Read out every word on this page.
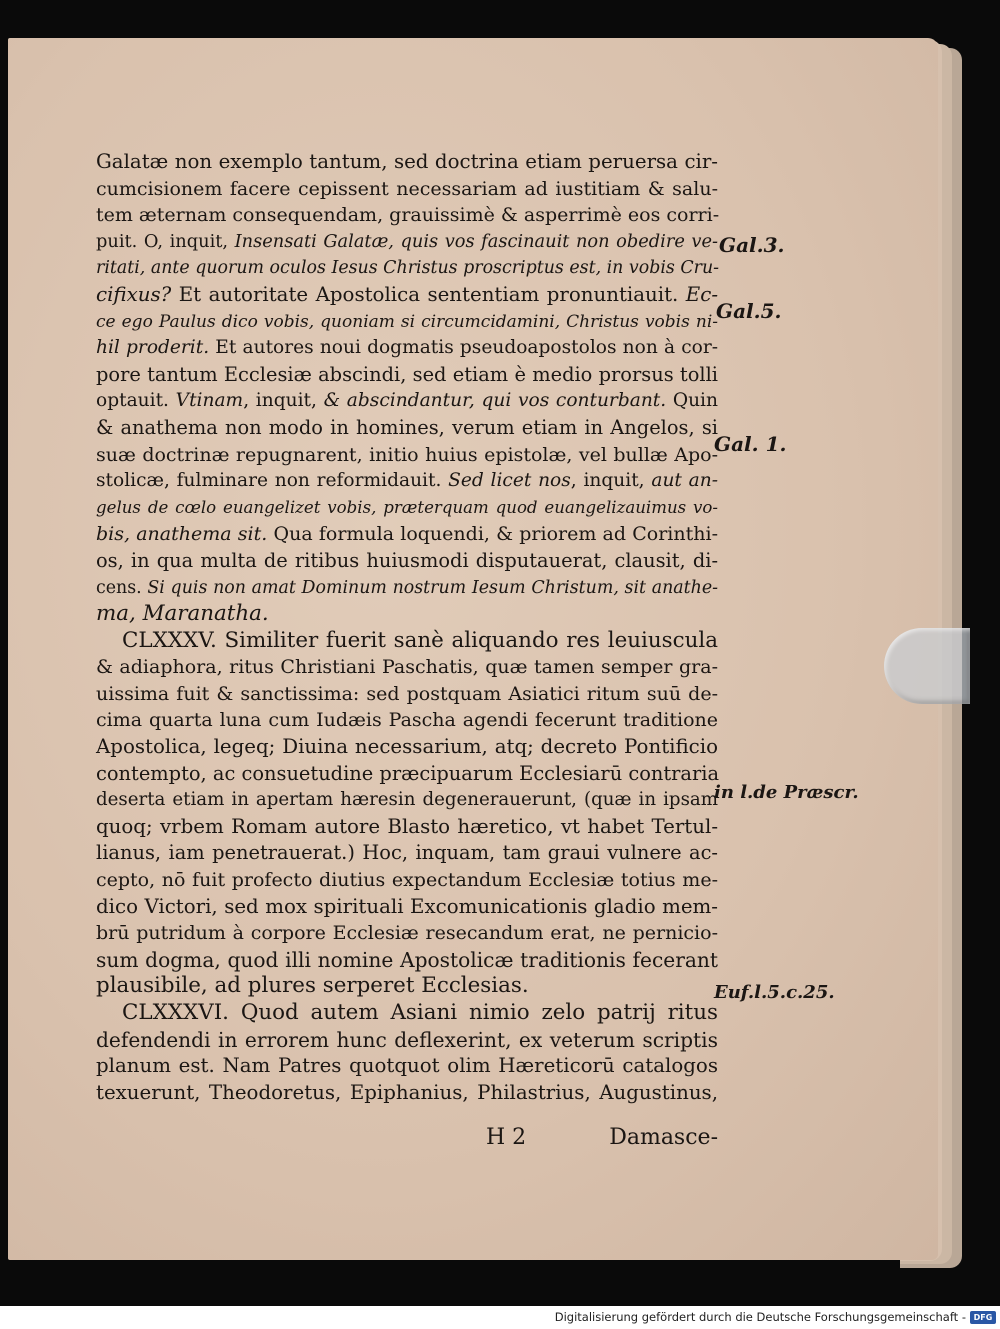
Galatæ non exemplo tantum, sed doctrina etiam peruersa cir-
cumcisionem facere cepissent necessariam ad iustitiam & salu-
tem æternam consequendam, grauissimè & asperrimè eos corri-
puit. O, inquit, Insensati Galatæ, quis vos fascinauit non obedire ve-
ritati, ante quorum oculos Iesus Christus proscriptus est, in vobis Cru-
cifixus? Et autoritate Apostolica sententiam pronuntiauit. Ec-
ce ego Paulus dico vobis, quoniam si circumcidamini, Christus vobis ni-
hil proderit. Et autores noui dogmatis pseudoapostolos non à cor-
pore tantum Ecclesiæ abscindi, sed etiam è medio prorsus tolli
optauit. Vtinam, inquit, & abscindantur, qui vos conturbant. Quin
& anathema non modo in homines, verum etiam in Angelos, si
suæ doctrinæ repugnarent, initio huius epistolæ, vel bullæ Apo-
stolicæ, fulminare non reformidauit. Sed licet nos, inquit, aut an-
gelus de cœlo euangelizet vobis, præterquam quod euangelizauimus vo-
bis, anathema sit. Qua formula loquendi, & priorem ad Corinthi-
os, in qua multa de ritibus huiusmodi disputauerat, clausit, di-
cens. Si quis non amat Dominum nostrum Iesum Christum, sit anathe-
ma, Maranatha.
CLXXXV. Similiter fuerit sanè aliquando res leuiuscula
& adiaphora, ritus Christiani Paschatis, quæ tamen semper gra-
uissima fuit & sanctissima: sed postquam Asiatici ritum suū de-
cima quarta luna cum Iudæis Pascha agendi fecerunt traditione
Apostolica, legeq; Diuina necessarium, atq; decreto Pontificio
contempto, ac consuetudine præcipuarum Ecclesiarū contraria
deserta etiam in apertam hæresin degenerauerunt, (quæ in ipsam
quoq; vrbem Romam autore Blasto hæretico, vt habet Tertul-
lianus, iam penetrauerat.) Hoc, inquam, tam graui vulnere ac-
cepto, nō fuit profecto diutius expectandum Ecclesiæ totius me-
dico Victori, sed mox spirituali Excomunicationis gladio mem-
brū putridum à corpore Ecclesiæ resecandum erat, ne pernicio-
sum dogma, quod illi nomine Apostolicæ traditionis fecerant
plausibile, ad plures serperet Ecclesias.
CLXXXVI. Quod autem Asiani nimio zelo patrij ritus
defendendi in errorem hunc deflexerint, ex veterum scriptis
planum est. Nam Patres quotquot olim Hæreticorū catalogos
texuerunt, Theodoretus, Epiphanius, Philastrius, Augustinus,
Gal.3.
Gal.5.
Gal. 1.
in l.de Præscr.
Euf.l.5.c.25.
H 2	Damasce-
Digitalisierung gefördert durch die Deutsche Forschungsgemeinschaft - DFG
